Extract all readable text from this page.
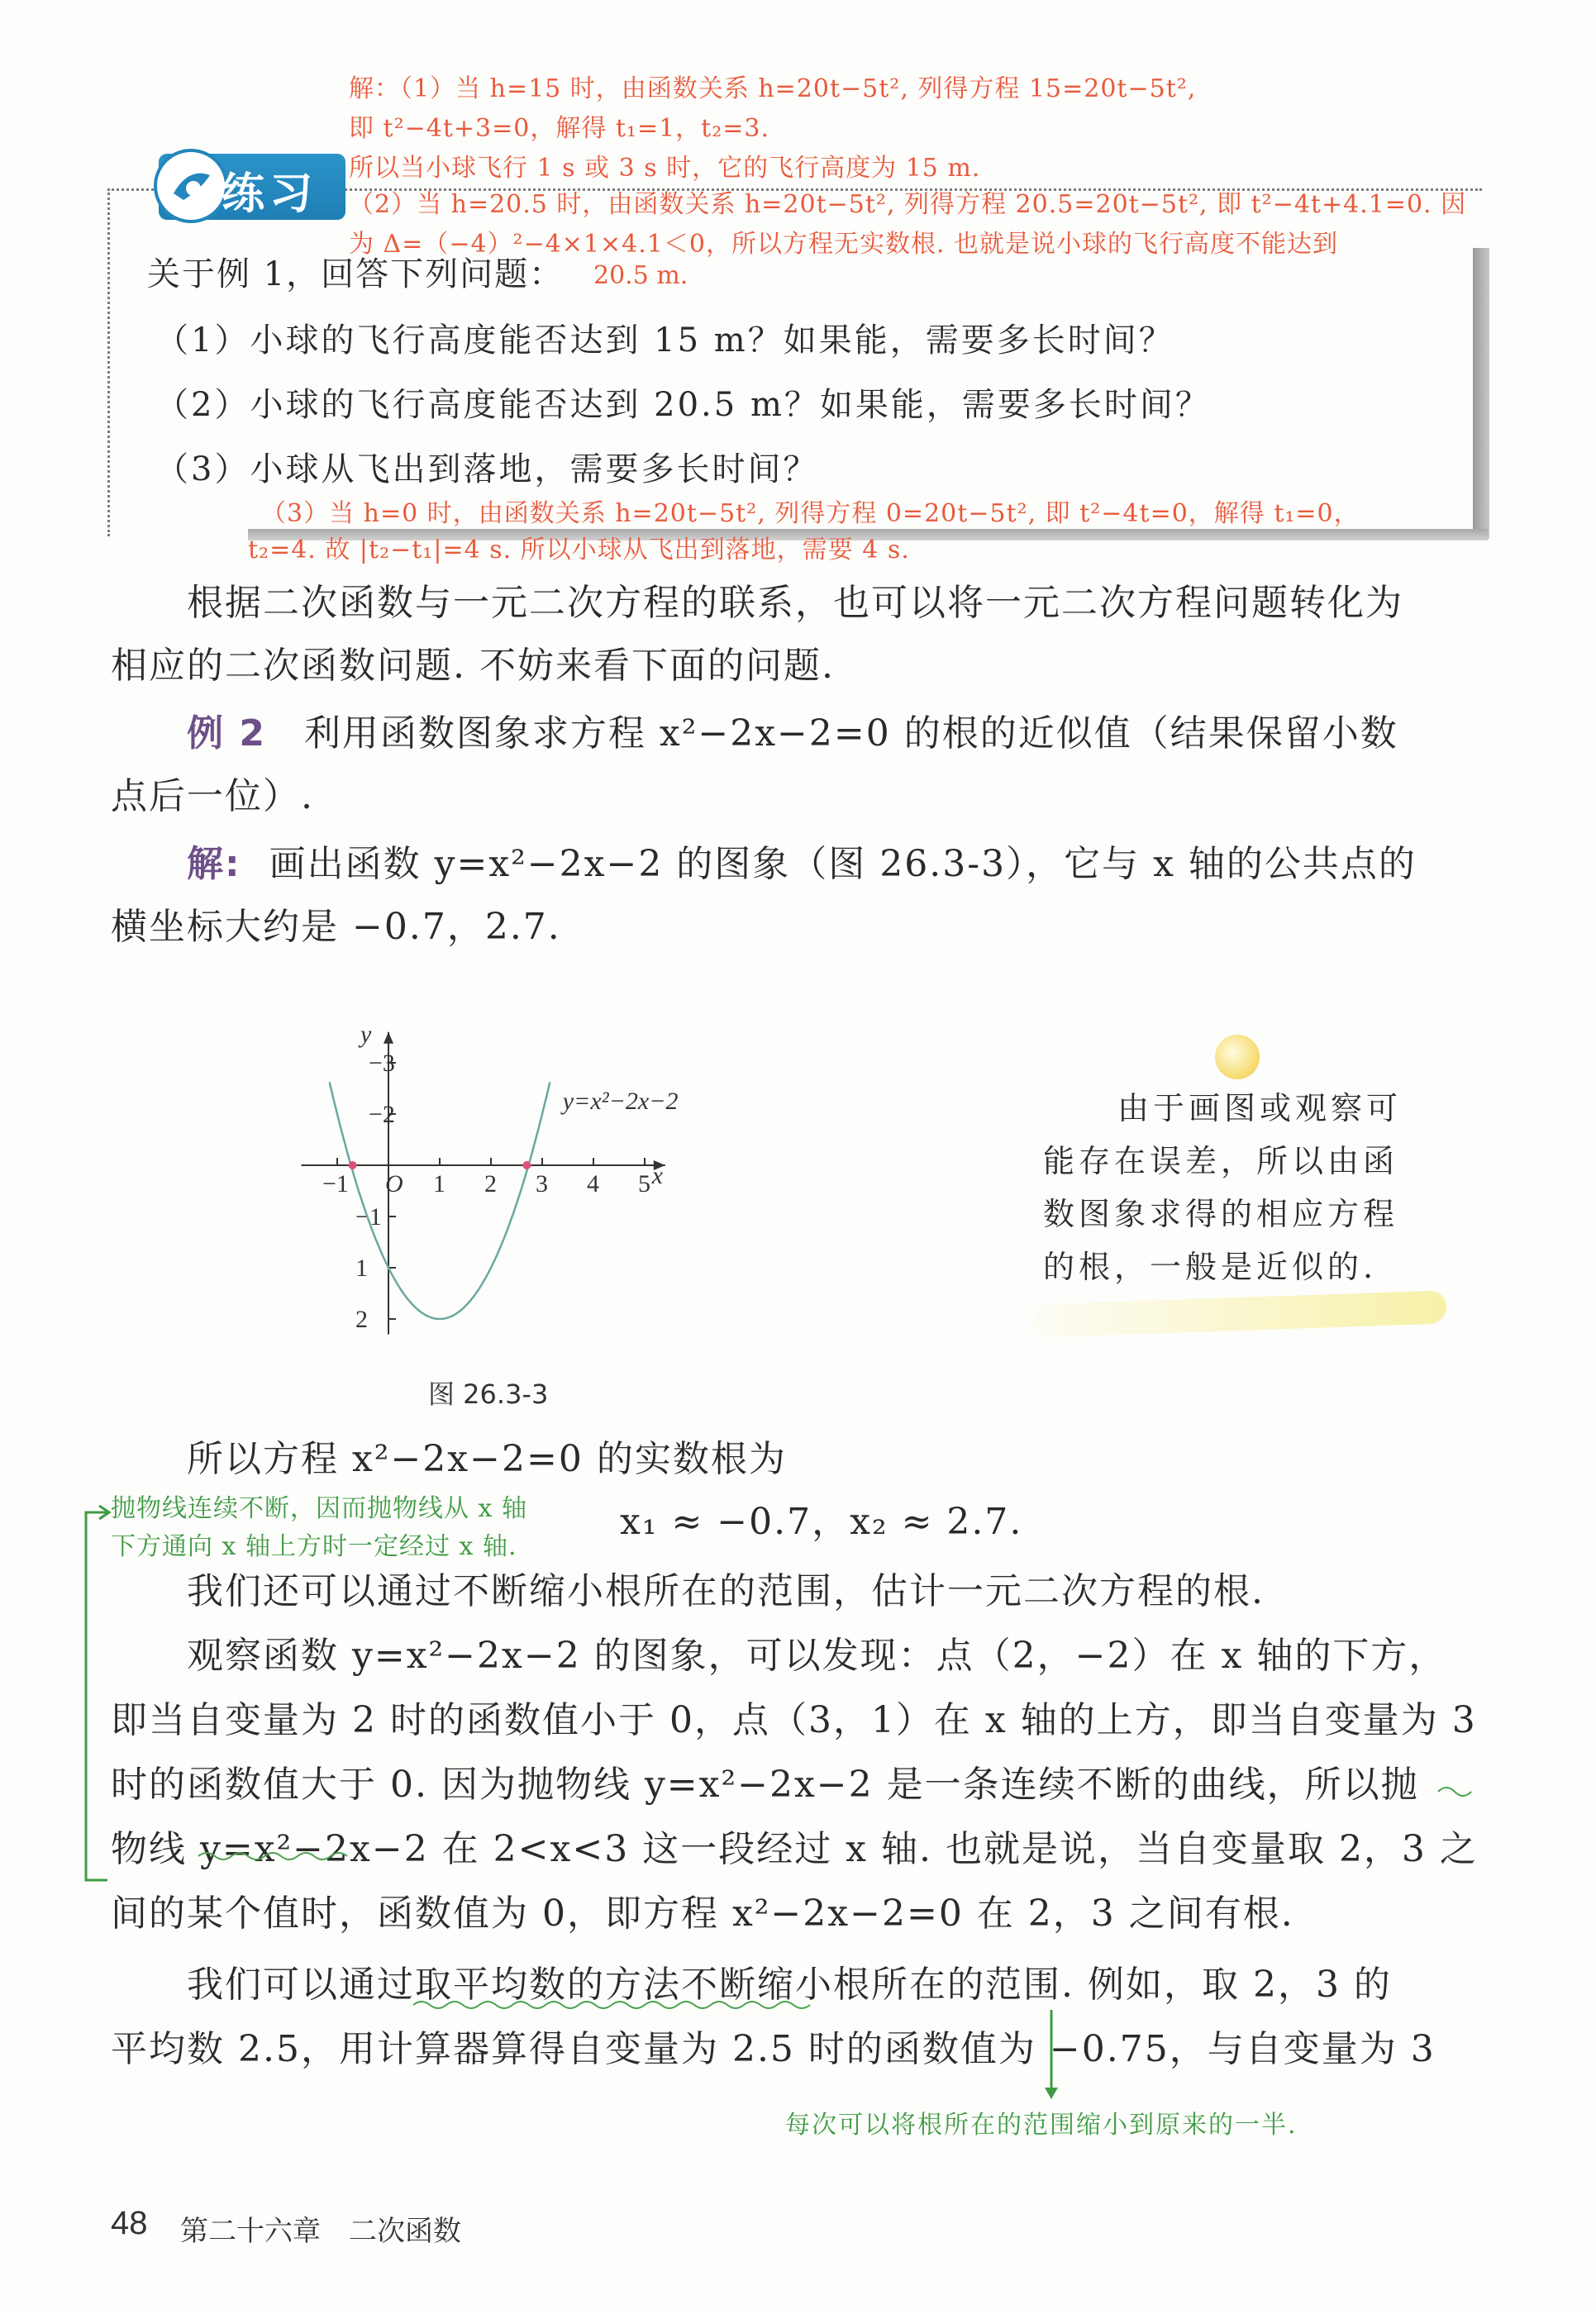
解：（1）当 h=15 时，由函数关系 h=20t−5t², 列得方程 15=20t−5t²,
即 t²−4t+3=0，解得 t₁=1，t₂=3.
所以当小球飞行 1 s 或 3 s 时，它的飞行高度为 15 m.
练习 （2）当 h=20.5 时，由函数关系 h=20t−5t², 列得方程 20.5=20t−5t², 即 t²−4t+4.1=0. 因
为 Δ=（−4）²−4×1×4.1＜0，所以方程无实数根. 也就是说小球的飞行高度不能达到
关于例 1，回答下列问题： 20.5 m.
（1）小球的飞行高度能否达到 15 m？如果能，需要多长时间？
（2）小球的飞行高度能否达到 20.5 m？如果能，需要多长时间？
（3）小球从飞出到落地，需要多长时间？
（3）当 h=0 时，由函数关系 h=20t−5t², 列得方程 0=20t−5t², 即 t²−4t=0，解得 t₁=0，
t₂=4. 故 |t₂−t₁|=4 s. 所以小球从飞出到落地，需要 4 s.
根据二次函数与一元二次方程的联系，也可以将一元二次方程问题转化为
相应的二次函数问题. 不妨来看下面的问题.
例 2 利用函数图象求方程 x²−2x−2=0 的根的近似值（结果保留小数
点后一位）.
解: 画出函数 y=x²−2x−2 的图象（图 26.3-3），它与 x 轴的公共点的
横坐标大约是 −0.7，2.7.
−1	1 2 3 4 5
2
1
−1
−2
−3
O	x
y
y=x²−2x−2
图 26.3-3
由于画图或观察可
能存在误差，所以由函
数图象求得的相应方程
的根，一般是近似的.
所以方程 x²−2x−2=0 的实数根为
x₁ ≈ −0.7，x₂ ≈ 2.7.
抛物线连续不断，因而抛物线从 x 轴
下方通向 x 轴上方时一定经过 x 轴.
我们还可以通过不断缩小根所在的范围，估计一元二次方程的根.
观察函数 y=x²−2x−2 的图象，可以发现：点（2，−2）在 x 轴的下方，
即当自变量为 2 时的函数值小于 0，点（3，1）在 x 轴的上方，即当自变量为 3
时的函数值大于 0. 因为抛物线 y=x²−2x−2 是一条连续不断的曲线，所以抛
物线 y=x²−2x−2 在 2<x<3 这一段经过 x 轴. 也就是说，当自变量取 2，3 之
间的某个值时，函数值为 0，即方程 x²−2x−2=0 在 2，3 之间有根.
我们可以通过取平均数的方法不断缩小根所在的范围. 例如，取 2，3 的
平均数 2.5，用计算器算得自变量为 2.5 时的函数值为 −0.75，与自变量为 3
每次可以将根所在的范围缩小到原来的一半.
48 第二十六章　二次函数
